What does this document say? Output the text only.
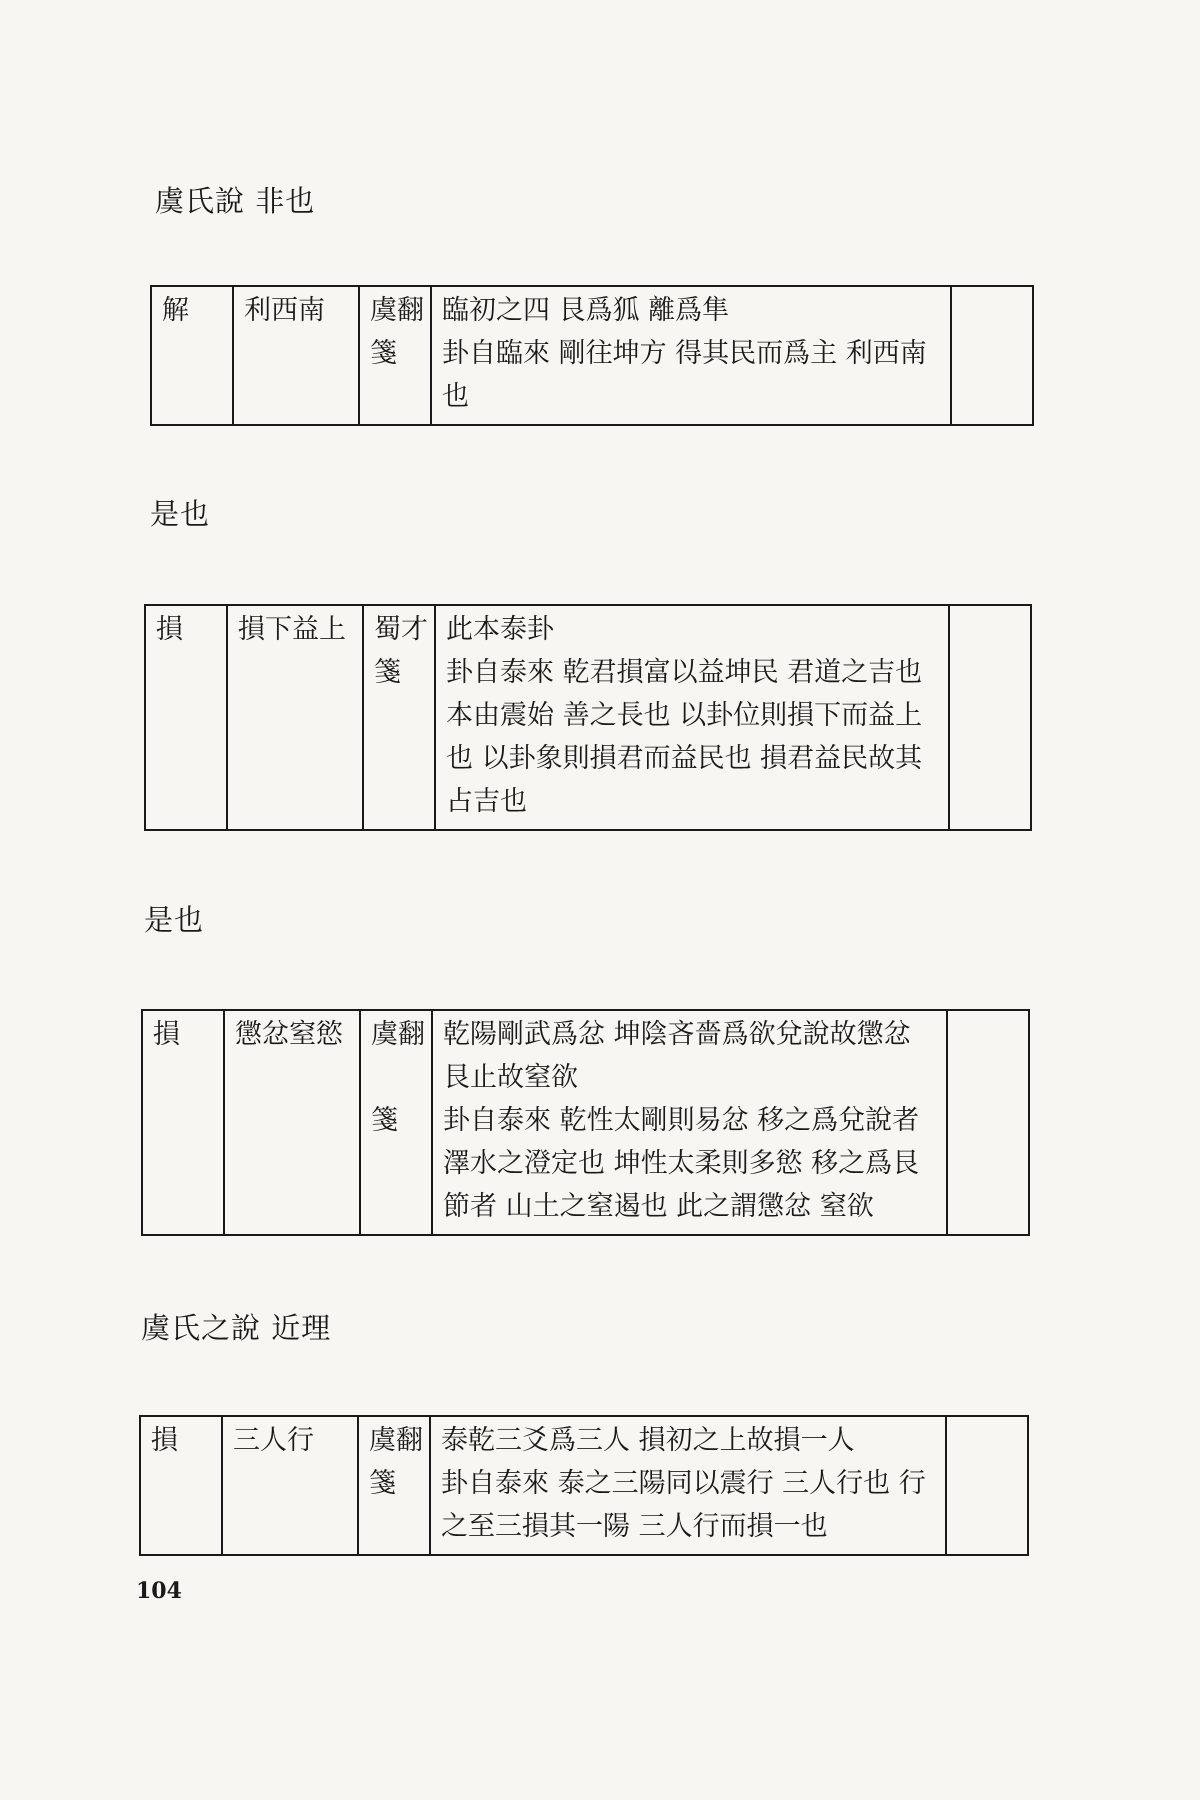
虞氏說 非也
解	利西南	虞翻箋	
臨初之四 艮爲狐 離爲隼
卦自臨來 剛往坤方 得其民而爲主 利西南也

是也
損	損下益上	蜀才箋	
此本泰卦
卦自泰來 乾君損富以益坤民 君道之吉也 本由震始 善之長也 以卦位則損下而益上也 以卦象則損君而益民也 損君益民故其占吉也

是也
損	懲忿窒慾	虞翻
箋

乾陽剛武爲忿 坤陰吝嗇爲欲兌說故懲忿艮止故窒欲
卦自泰來 乾性太剛則易忿 移之爲兌說者澤水之澄定也 坤性太柔則多慾 移之爲艮節者 山土之窒遏也 此之謂懲忿 窒欲

虞氏之說 近理
損	三人行	虞翻箋	
泰乾三爻爲三人 損初之上故損一人
卦自泰來 泰之三陽同以震行 三人行也 行之至三損其一陽 三人行而損一也

104
